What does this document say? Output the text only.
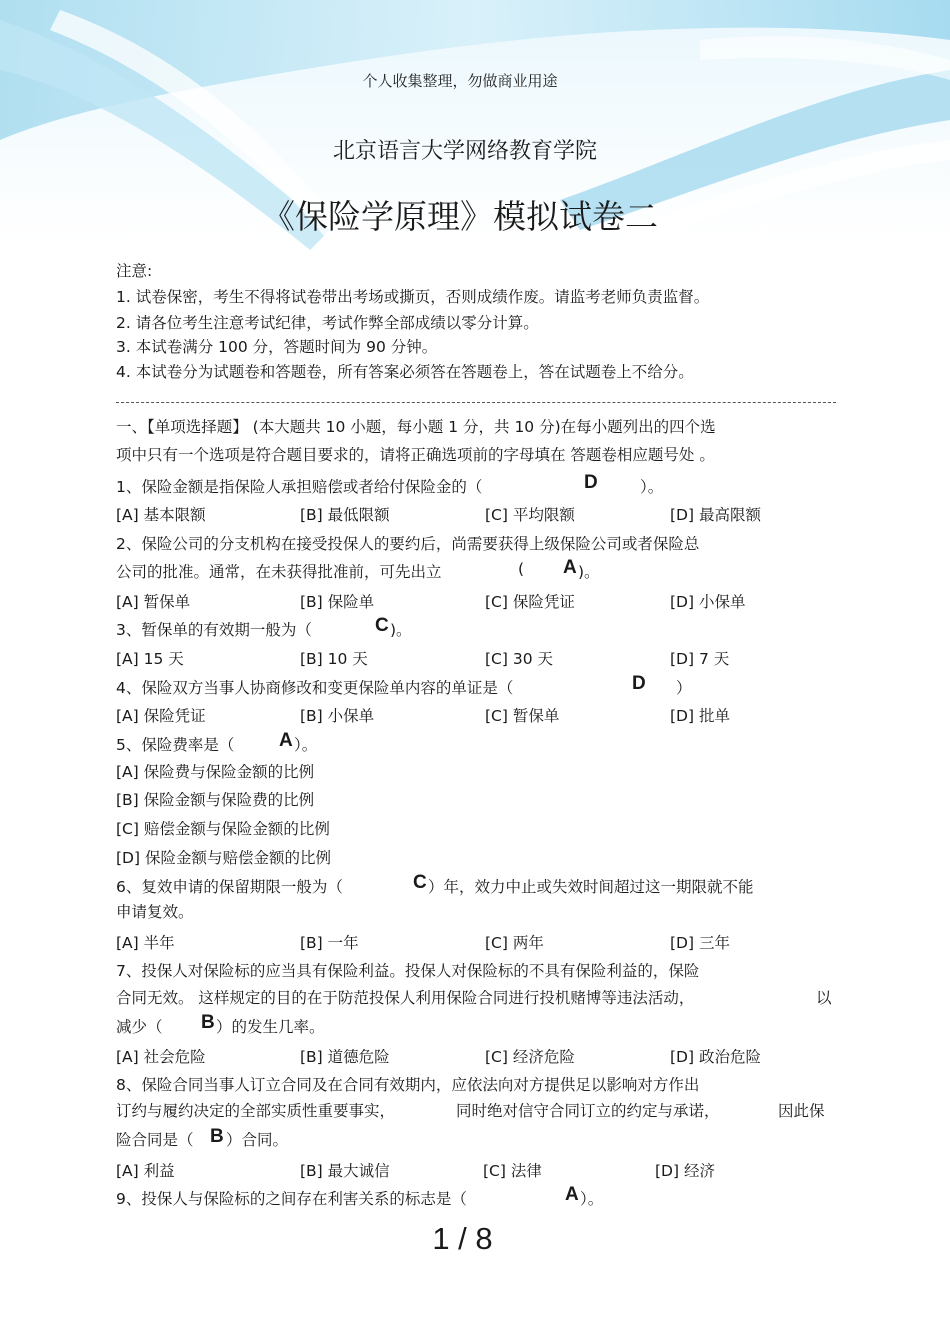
个人收集整理，勿做商业用途
北京语言大学网络教育学院
《保险学原理》模拟试卷二
注意:
1. 试卷保密，考生不得将试卷带出考场或撕页，否则成绩作废。请监考老师负责监督。
2. 请各位考生注意考试纪律，考试作弊全部成绩以零分计算。
3. 本试卷满分 100 分，答题时间为 90 分钟。
4. 本试卷分为试题卷和答题卷，所有答案必须答在答题卷上，答在试题卷上不给分。
一、【单项选择题】 (本大题共 10 小题，每小题 1 分，共 10 分)在每小题列出的四个选
项中只有一个选项是符合题目要求的，请将正确选项前的字母填在 答题卷相应题号处 。
1、保险金额是指保险人承担赔偿或者给付保险金的（	D	）。
[A] 基本限额	[B] 最低限额	[C] 平均限额	[D] 最高限额
2、保险公司的分支机构在接受投保人的要约后，尚需要获得上级保险公司或者保险总
公司的批准。通常，在未获得批准前，可先出立	( A )。
[A] 暂保单	[B] 保险单	[C] 保险凭证	[D] 小保单
3、暂保单的有效期一般为（	C )。
[A] 15 天	[B] 10 天	[C] 30 天	[D] 7 天
4、保险双方当事人协商修改和变更保险单内容的单证是（	D ）
[A] 保险凭证	[B] 小保单	[C] 暂保单	[D] 批单
5、保险费率是（ A ）。
[A] 保险费与保险金额的比例
[B] 保险金额与保险费的比例
[C] 赔偿金额与保险金额的比例
[D] 保险金额与赔偿金额的比例
6、复效申请的保留期限一般为（	C ）年，效力中止或失效时间超过这一期限就不能
申请复效。
[A] 半年	[B] 一年	[C] 两年	[D] 三年
7、投保人对保险标的应当具有保险利益。投保人对保险标的不具有保险利益的，保险
合同无效。 这样规定的目的在于防范投保人利用保险合同进行投机赌博等违法活动，	以
减少（ B ）的发生几率。
[A] 社会危险	[B] 道德危险	[C] 经济危险	[D] 政治危险
8、保险合同当事人订立合同及在合同有效期内，应依法向对方提供足以影响对方作出
订约与履约决定的全部实质性重要事实，	同时绝对信守合同订立的约定与承诺，	因此保
险合同是（ B ）合同。
[A] 利益	[B] 最大诚信	[C] 法律	[D] 经济
9、投保人与保险标的之间存在利害关系的标志是（	A ）。
1 / 8
